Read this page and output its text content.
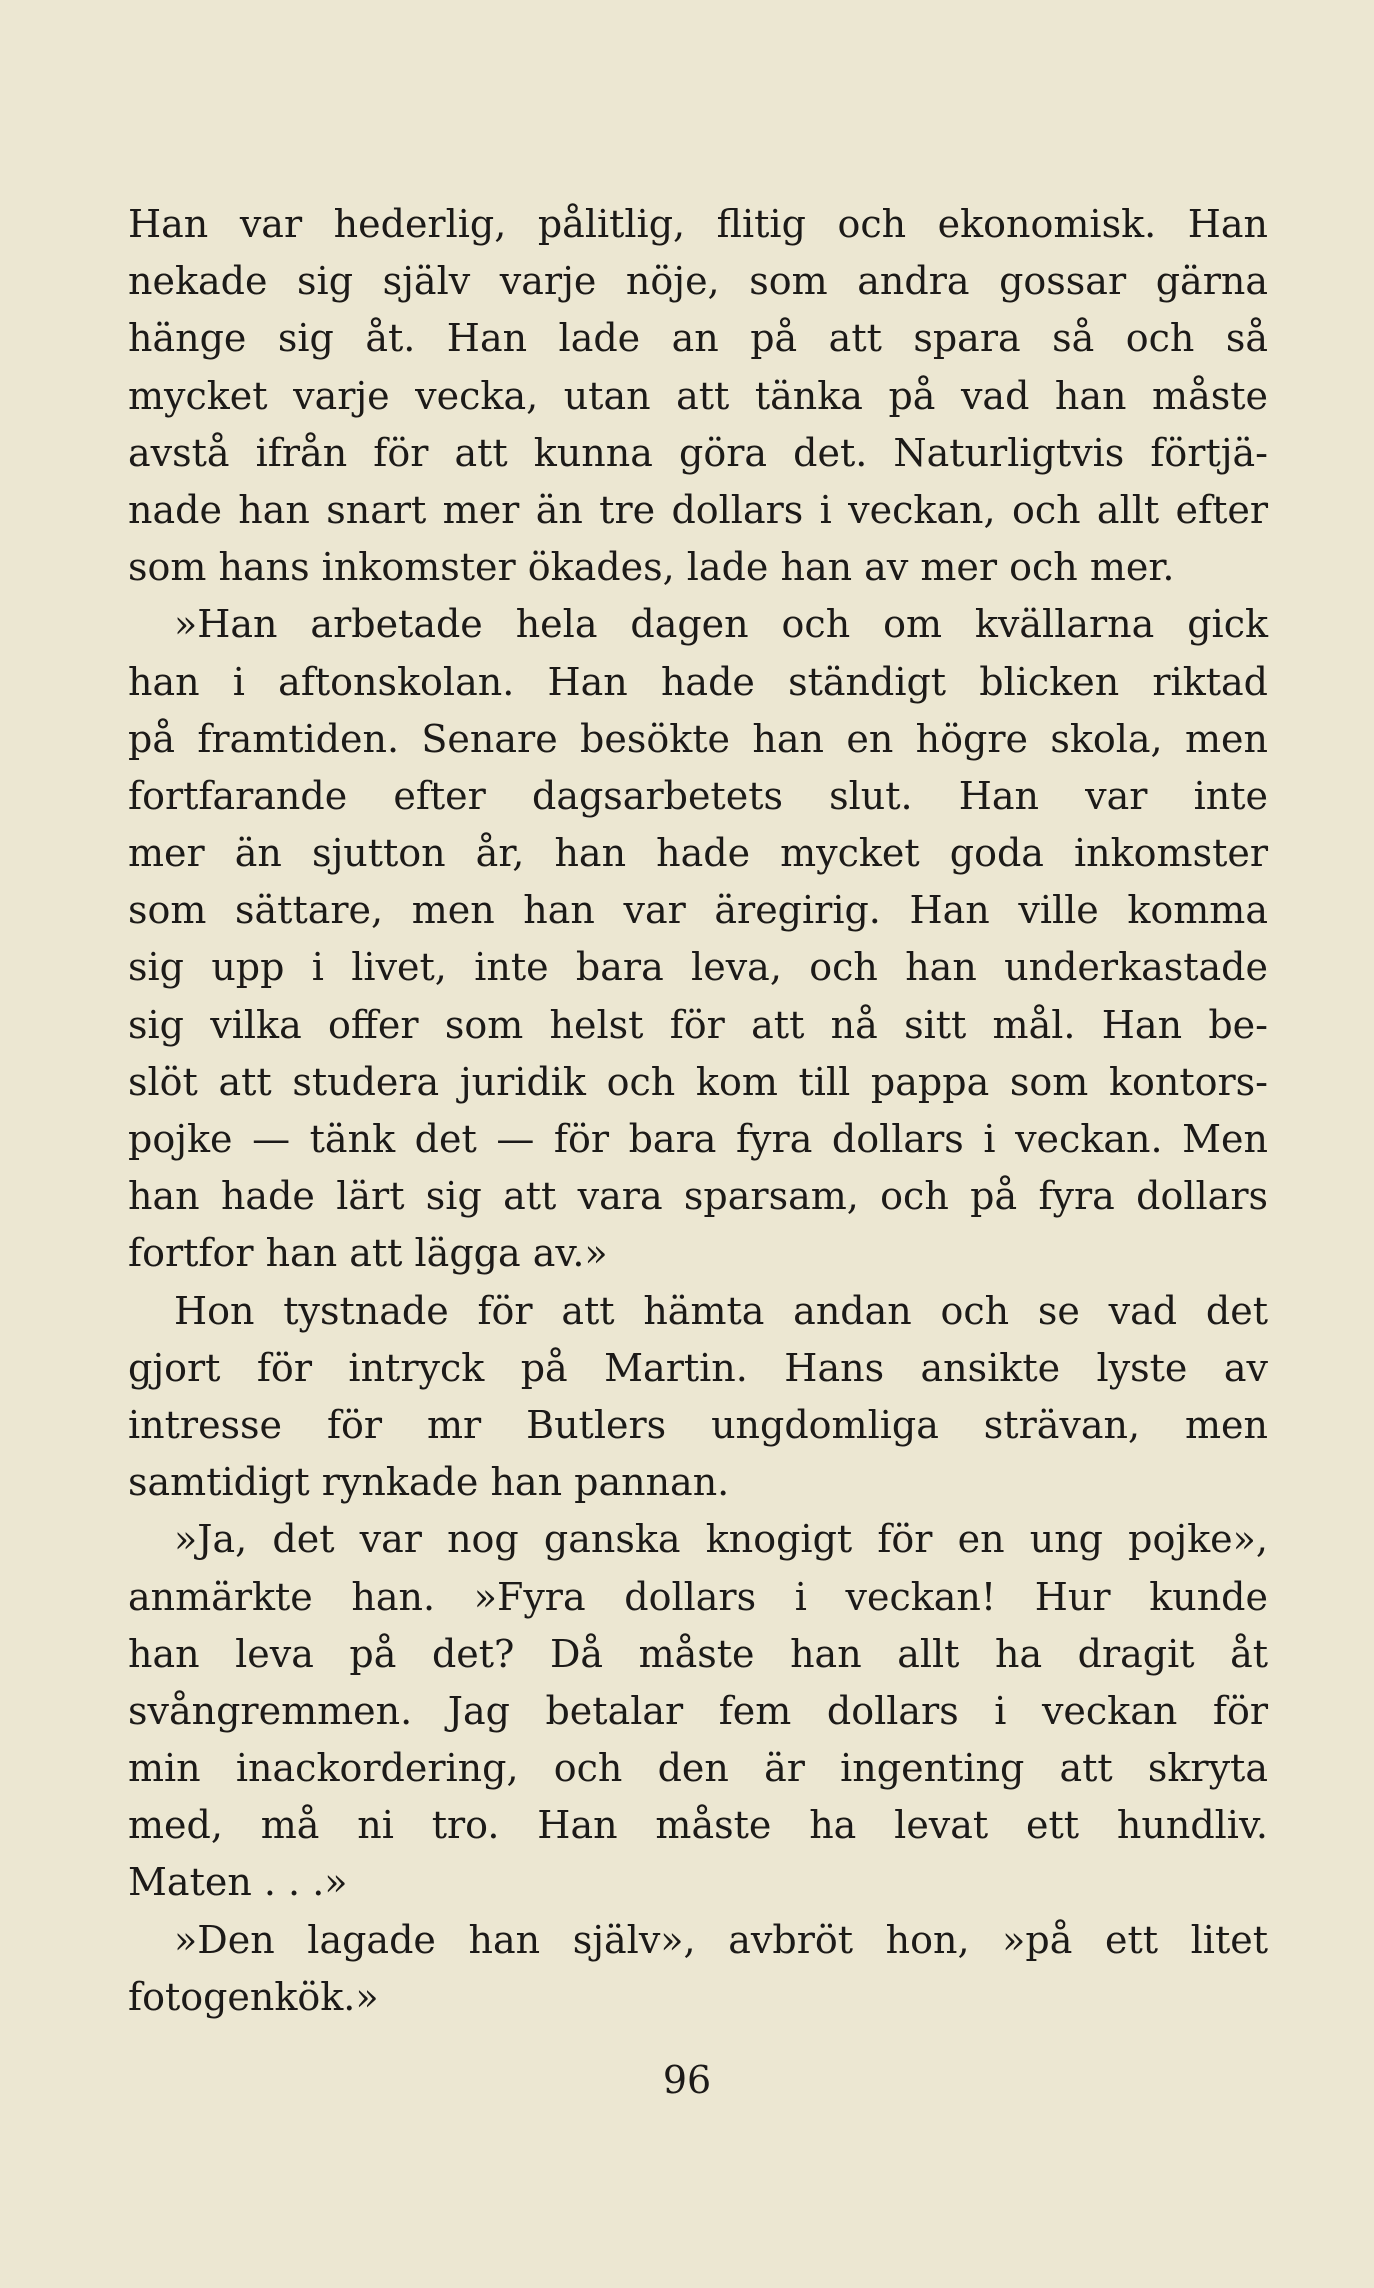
Han var hederlig, pålitlig, flitig och ekonomisk. Han
nekade sig själv varje nöje, som andra gossar gärna
hänge sig åt. Han lade an på att spara så och så
mycket varje vecka, utan att tänka på vad han måste
avstå ifrån för att kunna göra det. Naturligtvis förtjä-
nade han snart mer än tre dollars i veckan, och allt efter
som hans inkomster ökades, lade han av mer och mer.
»Han arbetade hela dagen och om kvällarna gick
han i aftonskolan. Han hade ständigt blicken riktad
på framtiden. Senare besökte han en högre skola, men
fortfarande efter dagsarbetets slut. Han var inte
mer än sjutton år, han hade mycket goda inkomster
som sättare, men han var äregirig. Han ville komma
sig upp i livet, inte bara leva, och han underkastade
sig vilka offer som helst för att nå sitt mål. Han be-
slöt att studera juridik och kom till pappa som kontors-
pojke — tänk det — för bara fyra dollars i veckan. Men
han hade lärt sig att vara sparsam, och på fyra dollars
fortfor han att lägga av.»
Hon tystnade för att hämta andan och se vad det
gjort för intryck på Martin. Hans ansikte lyste av
intresse för mr Butlers ungdomliga strävan, men
samtidigt rynkade han pannan.
»Ja, det var nog ganska knogigt för en ung pojke»,
anmärkte han. »Fyra dollars i veckan! Hur kunde
han leva på det? Då måste han allt ha dragit åt
svångremmen. Jag betalar fem dollars i veckan för
min inackordering, och den är ingenting att skryta
med, må ni tro. Han måste ha levat ett hundliv.
Maten . . .»
»Den lagade han själv», avbröt hon, »på ett litet
fotogenkök.»
96
